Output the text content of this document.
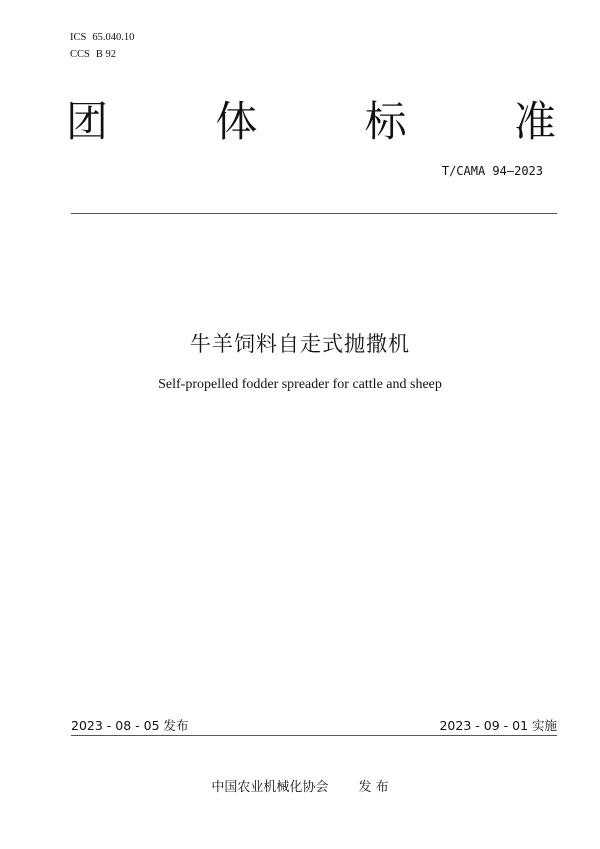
ICS 65.040.10
CCS B 92
团	体	标	准
T/CAMA 94—2023
牛羊饲料自走式抛撒机
Self-propelled fodder spreader for cattle and sheep
2023 - 08 - 05 发布	2023 - 09 - 01 实施
中国农业机械化协会 发 布
